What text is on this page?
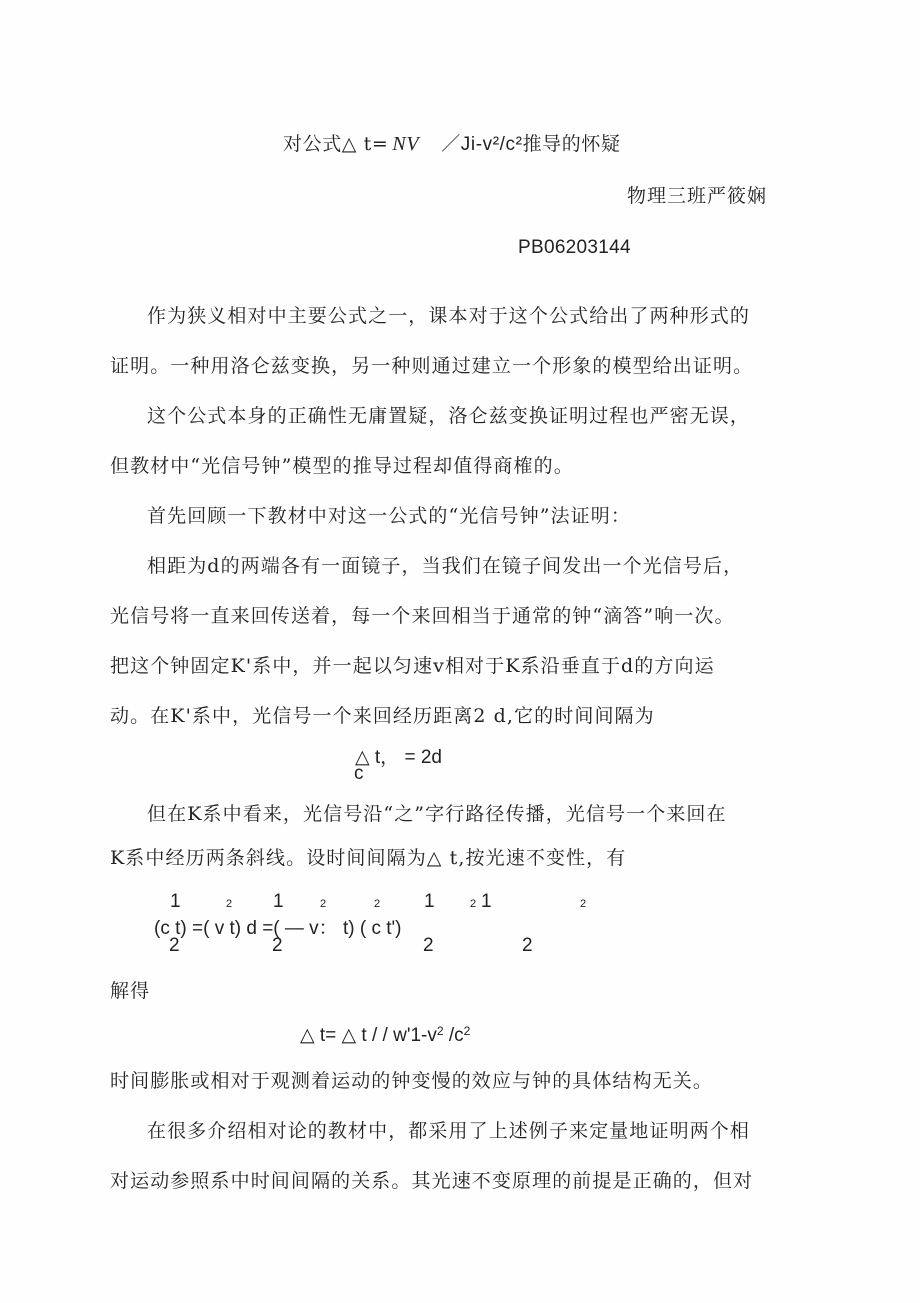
对公式△ t= NV ／Ji-v²/c²推导的怀疑
物理三班严筱娴
PB06203144
作为狭义相对中主要公式之一，课本对于这个公式给出了两种形式的
证明。一种用洛仑兹变换，另一种则通过建立一个形象的模型给出证明。
这个公式本身的正确性无庸置疑，洛仑兹变换证明过程也严密无误，
但教材中“光信号钟”模型的推导过程却值得商榷的。
首先回顾一下教材中对这一公式的“光信号钟”法证明：
相距为d的两端各有一面镜子，当我们在镜子间发出一个光信号后，
光信号将一直来回传送着，每一个来回相当于通常的钟“滴答”响一次。
把这个钟固定K'系中，并一起以匀速v相对于K系沿垂直于d的方向运
动。在K'系中，光信号一个来回经历距离2 d,它的时间间隔为
△ t， = 2d
c
但在K系中看来，光信号沿“之”字行路径传播，光信号一个来回在
K系中经历两条斜线。设时间间隔为△ t,按光速不变性，有
1	2 1	2	2 1	2 1	2
(c t) =( v t) d =( — v： t) ( c t')
2	2	2	2
解得
△ t= △ t / / $w'1-v^2$ $/c^2$
时间膨胀或相对于观测着运动的钟变慢的效应与钟的具体结构无关。
在很多介绍相对论的教材中，都采用了上述例子来定量地证明两个相
对运动参照系中时间间隔的关系。其光速不变原理的前提是正确的，但对
